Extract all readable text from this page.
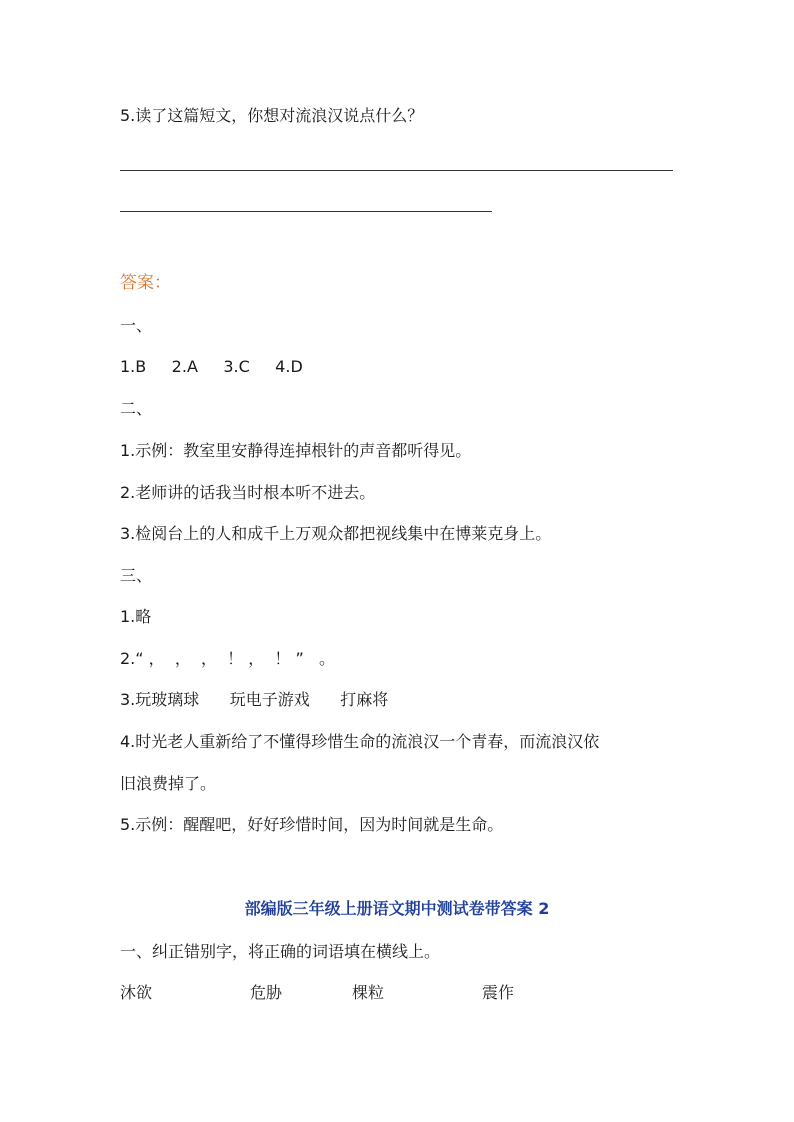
5.读了这篇短文，你想对流浪汉说点什么？
答案：
一、
1.B     2.A     3.C     4.D
二、
1.示例：教室里安静得连掉根针的声音都听得见。
2.老师讲的话我当时根本听不进去。
3.检阅台上的人和成千上万观众都把视线集中在博莱克身上。
三、
1.略
2.“ ，  ，  ，  ！ ，  ！ ”   。
3.玩玻璃球      玩电子游戏      打麻将
4.时光老人重新给了不懂得珍惜生命的流浪汉一个青春，而流浪汉依
旧浪费掉了。
5.示例：醒醒吧，好好珍惜时间，因为时间就是生命。
部编版三年级上册语文期中测试卷带答案 2
一、纠正错别字，将正确的词语填在横线上。
沐欲	危胁	棵粒	震作
